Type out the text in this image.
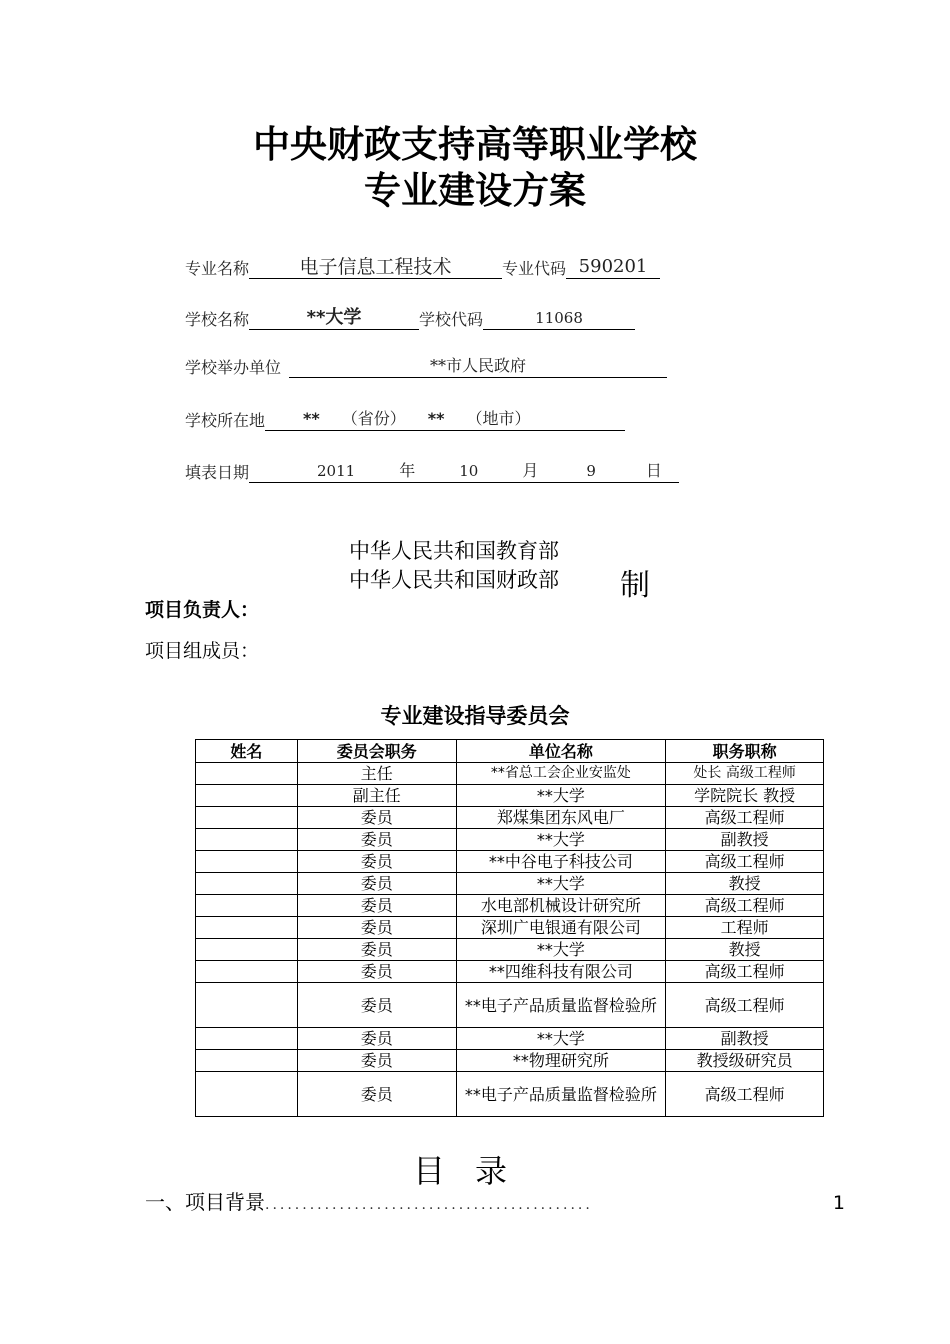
中央财政支持高等职业学校
专业建设方案
专业名称	电子信息工程技术	专业代码 590201
学校名称	**大学	学校代码	11068
学校举办单位	**市人民政府
学校所在地 ** （省份） ** （地市）
填表日期	2011	年	10	月	9	日
中华人民共和国教育部
中华人民共和国财政部 制
项目负责人：
项目组成员：
专业建设指导委员会
姓名	委员会职务	单位名称	职务职称
	主任	**省总工会企业安监处	处长 高级工程师
	副主任	**大学	学院院长 教授
	委员	郑煤集团东风电厂	高级工程师
	委员	**大学	副教授
	委员	**中谷电子科技公司	高级工程师
	委员	**大学	教授
	委员	水电部机械设计研究所	高级工程师
	委员	深圳广电银通有限公司	工程师
	委员	**大学	教授
	委员	**四维科技有限公司	高级工程师
	委员	**电子产品质量监督检验所	高级工程师
	委员	**大学	副教授
	委员	**物理研究所	教授级研究员
	委员	**电子产品质量监督检验所	高级工程师
目录
一、项目背景 ............................................	1
